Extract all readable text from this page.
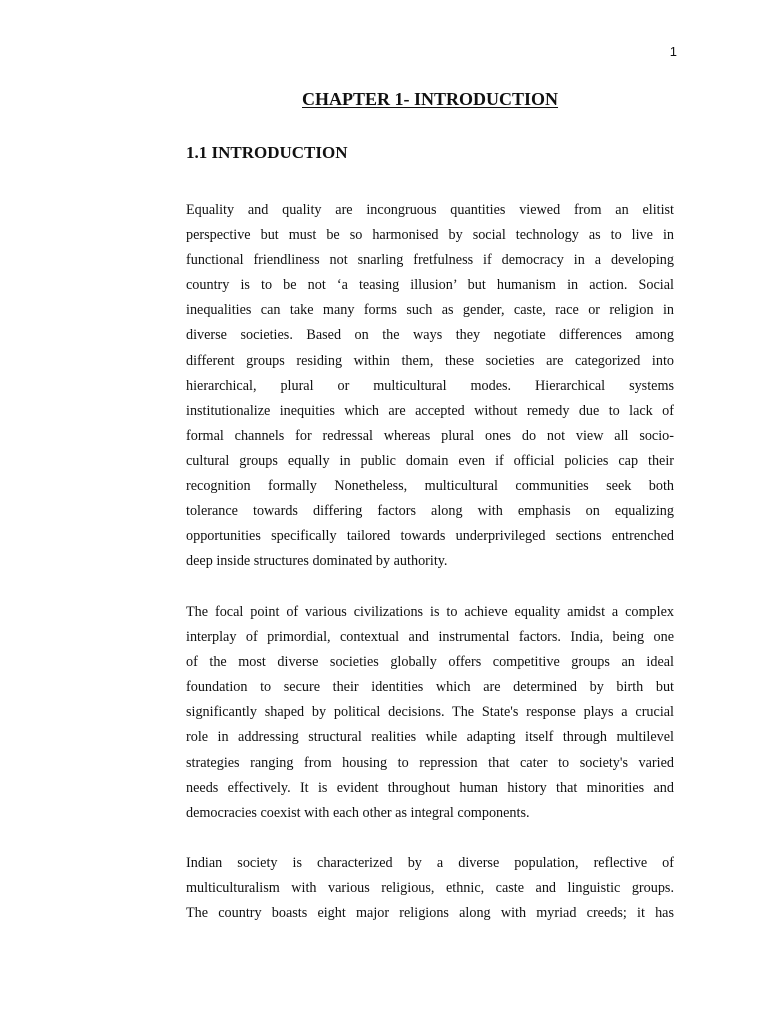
1
CHAPTER 1- INTRODUCTION
1.1 INTRODUCTION

Equality and quality are incongruous quantities viewed from an elitist
perspective but must be so harmonised by social technology as to live in
functional friendliness not snarling fretfulness if democracy in a developing
country is to be not ‘a teasing illusion’ but humanism in action. Social
inequalities can take many forms such as gender, caste, race or religion in
diverse societies. Based on the ways they negotiate differences among
different groups residing within them, these societies are categorized into
hierarchical, plural or multicultural modes. Hierarchical systems
institutionalize inequities which are accepted without remedy due to lack of
formal channels for redressal whereas plural ones do not view all socio-
cultural groups equally in public domain even if official policies cap their
recognition formally Nonetheless, multicultural communities seek both
tolerance towards differing factors along with emphasis on equalizing
opportunities specifically tailored towards underprivileged sections entrenched
deep inside structures dominated by authority.

The focal point of various civilizations is to achieve equality amidst a complex
interplay of primordial, contextual and instrumental factors. India, being one
of the most diverse societies globally offers competitive groups an ideal
foundation to secure their identities which are determined by birth but
significantly shaped by political decisions. The State's response plays a crucial
role in addressing structural realities while adapting itself through multilevel
strategies ranging from housing to repression that cater to society's varied
needs effectively. It is evident throughout human history that minorities and
democracies coexist with each other as integral components.

Indian society is characterized by a diverse population, reflective of
multiculturalism with various religious, ethnic, caste and linguistic groups.
The country boasts eight major religions along with myriad creeds; it has
